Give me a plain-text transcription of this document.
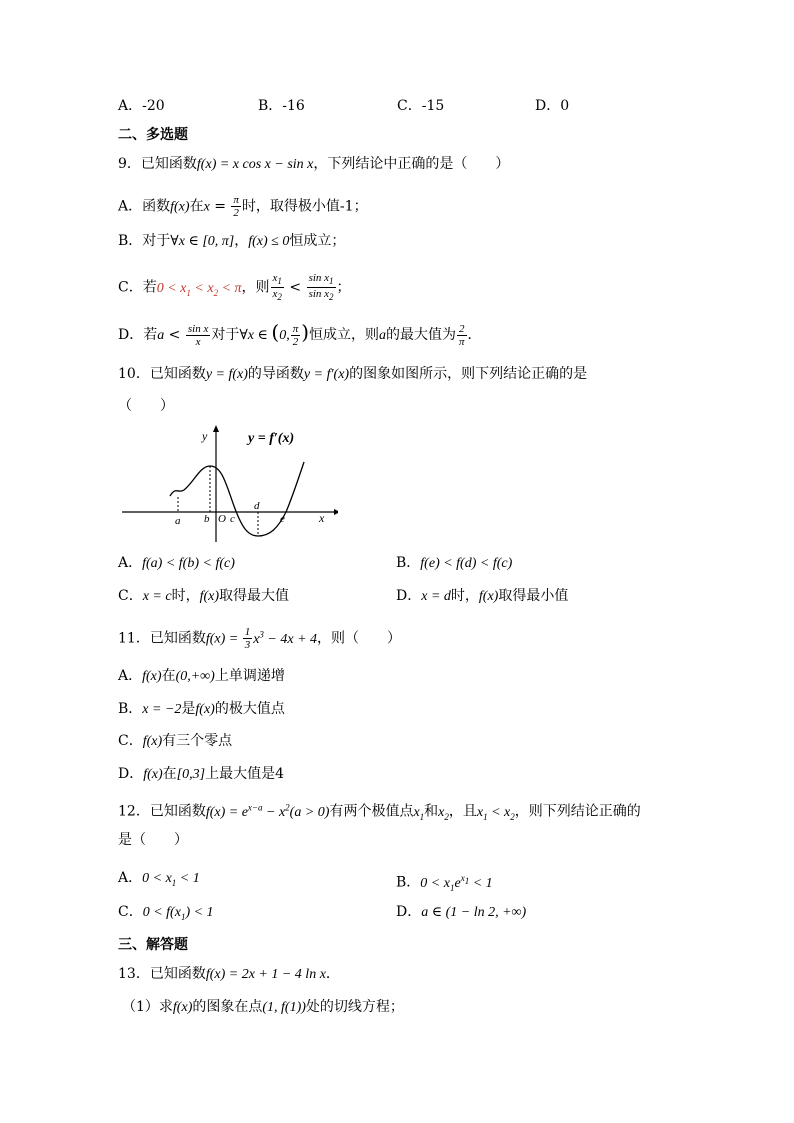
A．-20	B．-16	C．-15	D．0
二、多选题
9．已知函数f(x) = x cos x − sin x，下列结论中正确的是（　　）
A．函数f(x)在$x = \frac{\pi}{2}$ 时，取得极小值-1；
B．对于∀x ∈ [0, π]，f(x) ≤ 0恒成立；
C．若$0 < x_1 < x_2 < \pi$，则 $\frac{x_1}{x_2} < \frac{\sin x_1}{\sin x_2}$ ；
D．若$a < \frac{\text{sin x}}{x}$ 对于∀x ∈ (0, $\frac{\pi}{2}$ )恒成立，则a的最大值为 $\frac{2}{\pi}$ ．
10．已知函数y = f(x)的导函数y = f′(x)的图象如图所示，则下列结论正确的是
（　　）
y = f′(x)
y
x
a b O c
d
e
A．f(a) < f(b) < f(c)	B．f(e) < f(d) < f(c)
C．x = c时，f(x)取得最大值	D．x = d时，f(x)取得最小值
11．已知函数$f(x) = \frac{1}{3} x^3 - 4x + 4$，则（　　）
A．f(x)在(0,+∞)上单调递增
B．x = −2是f(x)的极大值点
C．f(x)有三个零点
D．f(x)在[0,3]上最大值是4
12．已知函数$f(x) = e^{x-a} - x^2(a > 0)$有两个极值点$x_1$和$x_2$，且$x_1 < x_2$，则下列结论正确的
是（　　）
A．$0 < x_1 < 1$	B．$0 < x_1e^{x_1} < 1$
C．$0 < f(x_1) < 1$	D．a ∈ (1 − ln 2, +∞)
三、解答题
13．已知函数f(x) = 2x + 1 − 4 ln x．
（1）求f(x)的图象在点(1, f(1))处的切线方程；
